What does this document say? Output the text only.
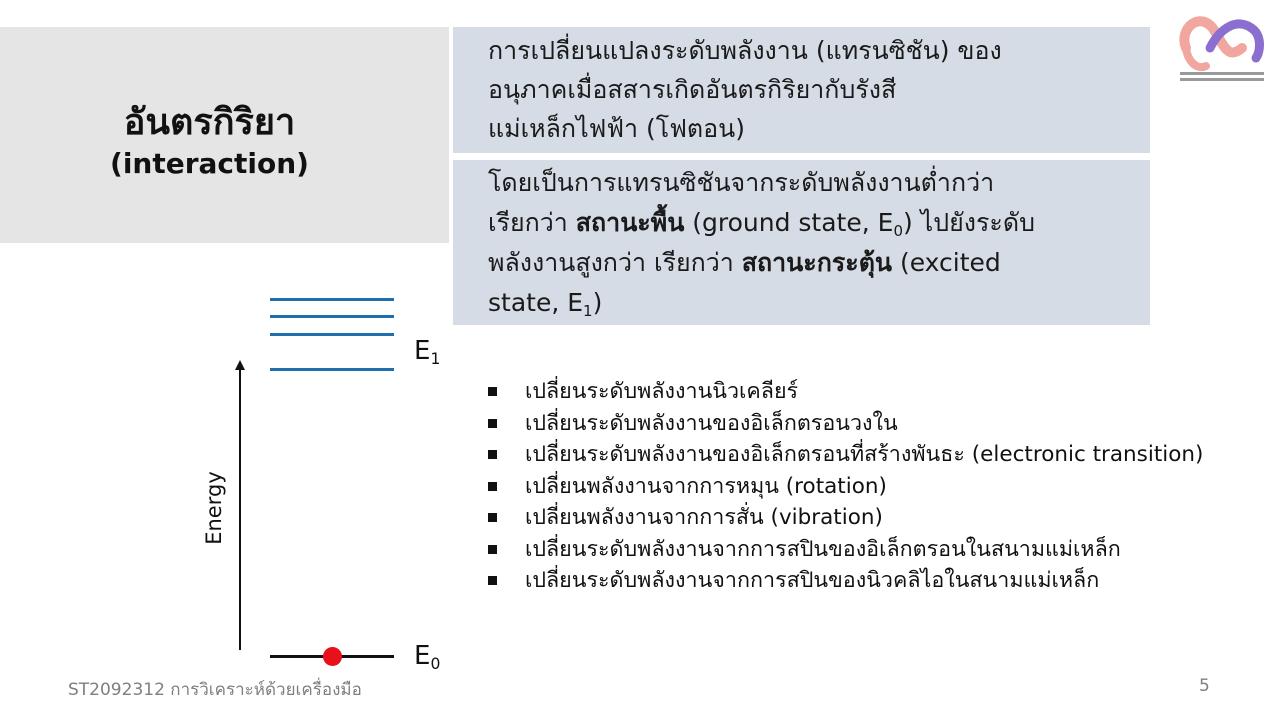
อันตรกิริยา
(interaction)
การเปลี่ยนแปลงระดับพลังงาน (แทรนซิชัน) ของ
อนุภาคเมื่อสสารเกิดอันตรกิริยากับรังสี
แม่เหล็กไฟฟ้า (โฟตอน)
โดยเป็นการแทรนซิชันจากระดับพลังงานต่ำกว่า
เรียกว่า สถานะพื้น (ground state, $E_0$) ไปยังระดับ
พลังงานสูงกว่า เรียกว่า สถานะกระตุ้น (excited
state, $E_1$)
Energy
$E_1$
$E_0$
เปลี่ยนระดับพลังงานนิวเคลียร์
เปลี่ยนระดับพลังงานของอิเล็กตรอนวงใน
เปลี่ยนระดับพลังงานของอิเล็กตรอนที่สร้างพันธะ (electronic transition)
เปลี่ยนพลังงานจากการหมุน (rotation)
เปลี่ยนพลังงานจากการสั่น (vibration)
เปลี่ยนระดับพลังงานจากการสปินของอิเล็กตรอนในสนามแม่เหล็ก
เปลี่ยนระดับพลังงานจากการสปินของนิวคลิไอในสนามแม่เหล็ก
ST2092312 การวิเคราะห์ด้วยเครื่องมือ	5
